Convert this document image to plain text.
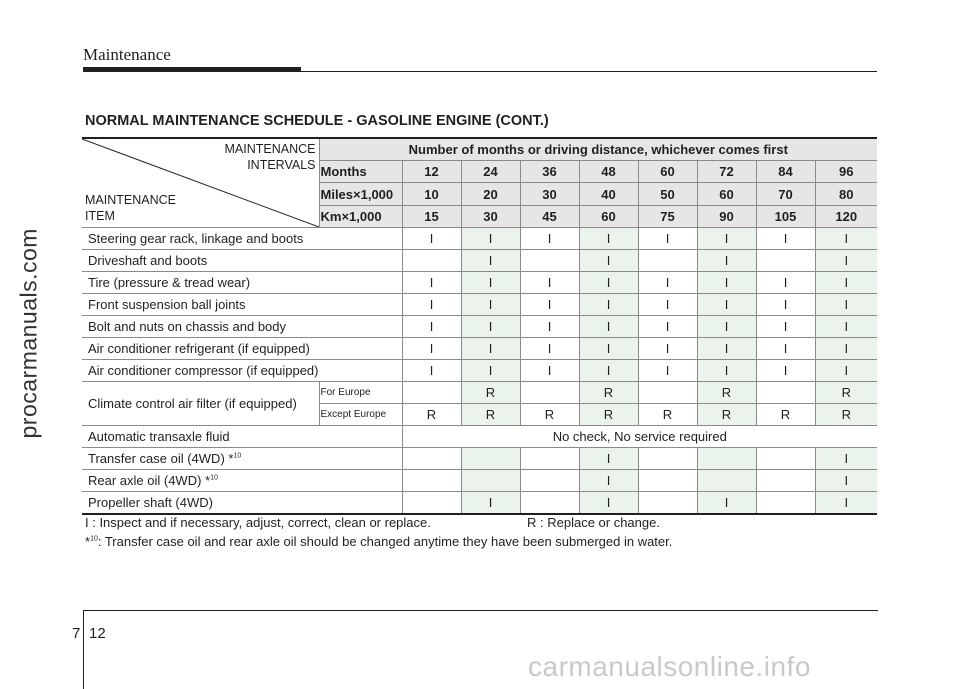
Maintenance
procarmanuals.com
NORMAL MAINTENANCE SCHEDULE - GASOLINE ENGINE (CONT.)
MAINTENANCE
INTERVALS
MAINTENANCE
ITEM	Number of months or driving distance, whichever comes first								
	Months	12	24	36	48	60	72	84	96
	Miles×1,000	10	20	30	40	50	60	70	80
	Km×1,000	15	30	45	60	75	90	105	120
Steering gear rack, linkage and boots		I	I	I	I	I	I	I	I
Driveshaft and boots			I		I		I		I
Tire (pressure & tread wear)		I	I	I	I	I	I	I	I
Front suspension ball joints		I	I	I	I	I	I	I	I
Bolt and nuts on chassis and body		I	I	I	I	I	I	I	I
Air conditioner refrigerant (if equipped)		I	I	I	I	I	I	I	I
Air conditioner compressor (if equipped)		I	I	I	I	I	I	I	I
Climate control air filter (if equipped)	For Europe		R		R		R		R
	Except Europe	R	R	R	R	R	R	R	R
Automatic transaxle fluid		No check, No service required							
Transfer case oil (4WD) *$^{10}$					I				I
Rear axle oil (4WD) *$^{10}$					I				I
Propeller shaft (4WD)			I		I		I		I
I : Inspect and if necessary, adjust, correct, clean or replace.	R : Replace or change.
*$^{10}$: Transfer case oil and rear axle oil should be changed anytime they have been submerged in water.
7 12
carmanualsonline.info
